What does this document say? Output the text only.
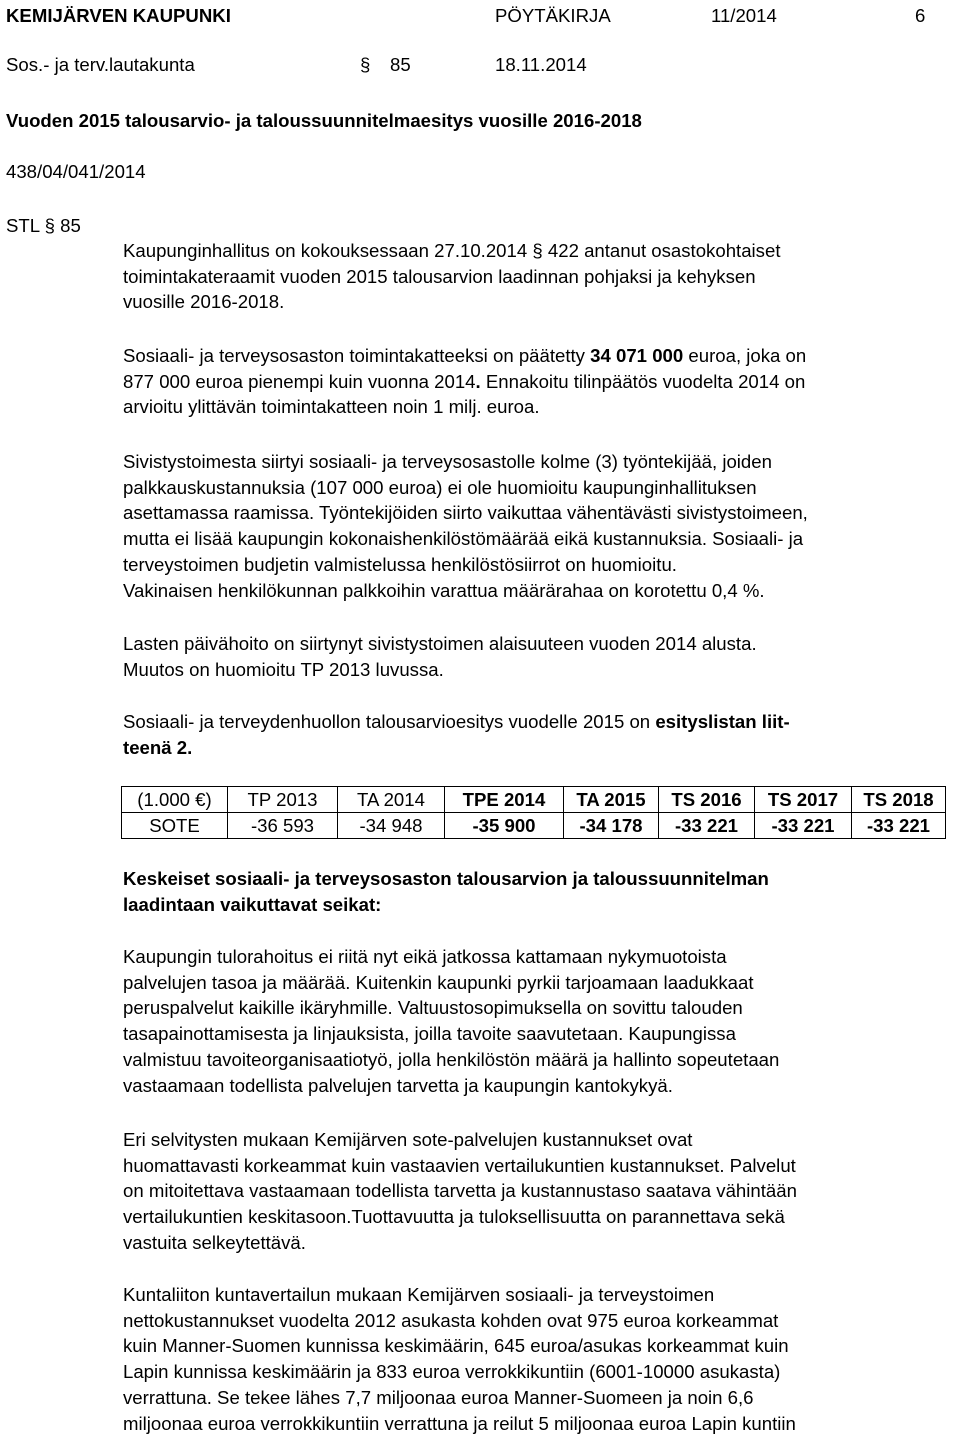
KEMIJÄRVEN KAUPUNKI	PÖYTÄKIRJA	11/2014	6
Sos.- ja terv.lautakunta	§ 85	18.11.2014
Vuoden 2015 talousarvio- ja taloussuunnitelmaesitys vuosille 2016-2018
438/04/041/2014
STL § 85
Kaupunginhallitus on kokouksessaan 27.10.2014 § 422 antanut osastokohtaiset
toimintakateraamit vuoden 2015 talousarvion laadinnan pohjaksi ja kehyksen
vuosille 2016-2018.
Sosiaali- ja terveysosaston toimintakatteeksi on päätetty 34 071 000 euroa, joka on
877 000 euroa pienempi kuin vuonna 2014. Ennakoitu tilinpäätös vuodelta 2014 on
arvioitu ylittävän toimintakatteen noin 1 milj. euroa.
Sivistystoimesta siirtyi sosiaali- ja terveysosastolle kolme (3) työntekijää, joiden
palkkauskustannuksia (107 000 euroa) ei ole huomioitu kaupunginhallituksen
asettamassa raamissa. Työntekijöiden siirto vaikuttaa vähentävästi sivistystoimeen,
mutta ei lisää kaupungin kokonaishenkilöstömäärää eikä kustannuksia. Sosiaali- ja
terveystoimen budjetin valmistelussa henkilöstösiirrot on huomioitu.
Vakinaisen henkilökunnan palkkoihin varattua määrärahaa on korotettu 0,4 %.
Lasten päivähoito on siirtynyt sivistystoimen alaisuuteen vuoden 2014 alusta.
Muutos on huomioitu TP 2013 luvussa.
Sosiaali- ja terveydenhuollon talousarvioesitys vuodelle 2015 on esityslistan liit-
teenä 2.
(1.000 €)	TP 2013	TA 2014	TPE 2014	TA 2015	TS 2016	TS 2017	TS 2018
SOTE	-36 593	-34 948	-35 900	-34 178	-33 221	-33 221	-33 221
Keskeiset sosiaali- ja terveysosaston talousarvion ja taloussuunnitelman
laadintaan vaikuttavat seikat:
Kaupungin tulorahoitus ei riitä nyt eikä jatkossa kattamaan nykymuotoista
palvelujen tasoa ja määrää. Kuitenkin kaupunki pyrkii tarjoamaan laadukkaat
peruspalvelut kaikille ikäryhmille. Valtuustosopimuksella on sovittu talouden
tasapainottamisesta ja linjauksista, joilla tavoite saavutetaan. Kaupungissa
valmistuu tavoiteorganisaatiotyö, jolla henkilöstön määrä ja hallinto sopeutetaan
vastaamaan todellista palvelujen tarvetta ja kaupungin kantokykyä.
Eri selvitysten mukaan Kemijärven sote-palvelujen kustannukset ovat
huomattavasti korkeammat kuin vastaavien vertailukuntien kustannukset. Palvelut
on mitoitettava vastaamaan todellista tarvetta ja kustannustaso saatava vähintään
vertailukuntien keskitasoon.Tuottavuutta ja tuloksellisuutta on parannettava sekä
vastuita selkeytettävä.
Kuntaliiton kuntavertailun mukaan Kemijärven sosiaali- ja terveystoimen
nettokustannukset vuodelta 2012 asukasta kohden ovat 975 euroa korkeammat
kuin Manner-Suomen kunnissa keskimäärin, 645 euroa/asukas korkeammat kuin
Lapin kunnissa keskimäärin ja 833 euroa verrokkikuntiin (6001-10000 asukasta)
verrattuna. Se tekee lähes 7,7 miljoonaa euroa Manner-Suomeen ja noin 6,6
miljoonaa euroa verrokkikuntiin verrattuna ja reilut 5 miljoonaa euroa Lapin kuntiin
